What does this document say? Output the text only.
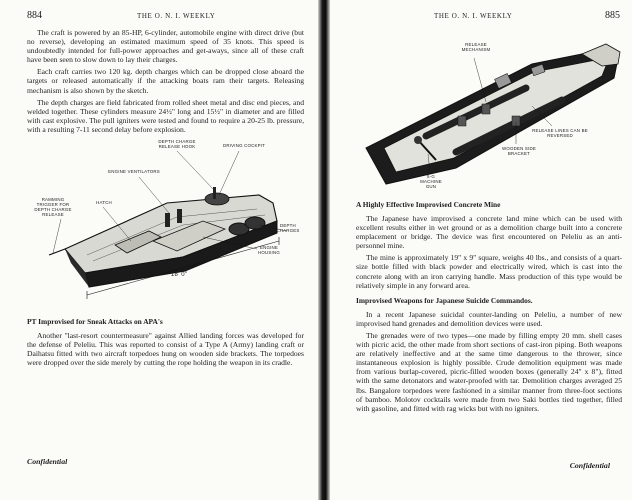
884	THE O. N. I. WEEKLY

The craft is powered by an 85-HP, 6-cylinder, automobile engine with direct drive (but no reverse), developing an estimated maximum speed of 35 knots. This speed is undoubtedly intended for full-power approaches and get-aways, since all of these craft have been seen to slow down to lay their charges.

Each craft carries two 120 kg. depth charges which can be dropped close aboard the targets or released automatically if the attacking boats ram their targets. Releasing mechanism is also shown by the sketch.

The depth charges are field fabricated from rolled sheet metal and disc end pieces, and welded together. These cylinders measure 24½" long and 15½" in diameter and are filled with cast explosive. The pull igniters were tested and found to require a 20-25 lb. pressure, with a resulting 7-11 second delay before explosion.

DEPTH CHARGE RELEASE HOOK	DRIVING COCKPIT
ENGINE VENTILATORS
HATCH
RAMMING TRIGGER FOR DEPTH CHARGE RELEASE
DEPTH CHARGES
ENGINE HOUSING
18' 0"
PT Improvised for Sneak Attacks on APA's

Another "last-resort countermeasure" against Allied landing forces was developed for the defense of Peleliu. This was reported to consist of a Type A (Army) landing craft or Daihatsu fitted with two aircraft torpedoes hung on wooden side brackets. The torpedoes were dropped over the side merely by cutting the rope holding the weapon in its cradle.

Confidential
THE O. N. I. WEEKLY	885
RELEASE MECHANISM
RELEASE LINES CAN BE REVERSED
WOODEN SIDE BRACKET
5-G MACHINE GUN
A Highly Effective Improvised Concrete Mine

The Japanese have improvised a concrete land mine which can be used with excellent results either in wet ground or as a demolition charge built into a concrete emplacement or bridge. The device was first encountered on Peleliu as an anti-personnel mine.

The mine is approximately 19" x 9" square, weighs 40 lbs., and consists of a quart-size bottle filled with black powder and electrically wired, which is cast into the concrete along with an iron carrying handle. Mass production of this type would be relatively simple in any forward area.

Improvised Weapons for Japanese Suicide Commandos.

In a recent Japanese suicidal counter-landing on Peleliu, a number of new improvised hand grenades and demolition devices were used.

The grenades were of two types—one made by filling empty 20 mm. shell cases with picric acid, the other made from short sections of cast-iron piping. Both weapons are relatively ineffective and at the same time dangerous to the thrower, since instantaneous explosion is highly possible. Crude demolition equipment was made from various burlap-covered, picric-filled wooden boxes (generally 24" x 8"), fitted with the same detonators and water-proofed with tar. Demolition charges averaged 25 lbs. Bangalore torpedoes were fashioned in a similar manner from three-foot sections of bamboo. Molotov cocktails were made from two Saki bottles tied together, filled with gasoline, and fitted with rag wicks but with no igniters.

Confidential
